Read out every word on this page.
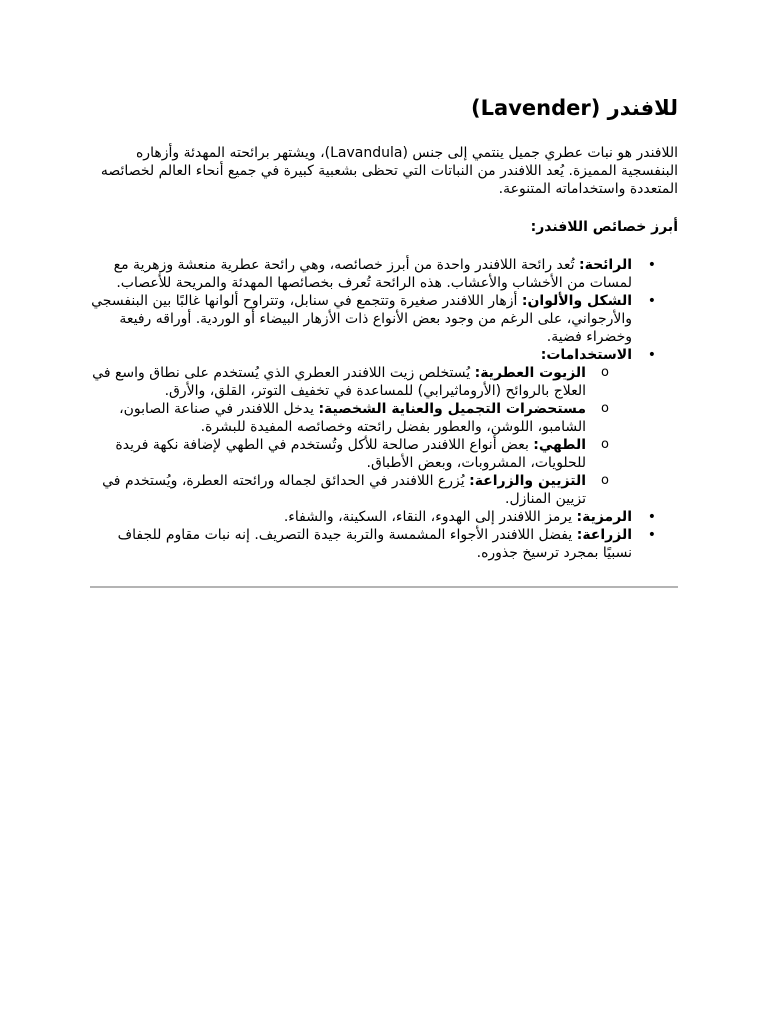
للافندر (Lavender)

اللافندر هو نبات عطري جميل ينتمي إلى جنس (Lavandula)، ويشتهر برائحته المهدئة وأزهاره البنفسجية المميزة. يُعد اللافندر من النباتات التي تحظى بشعبية كبيرة في جميع أنحاء العالم لخصائصه المتعددة واستخداماته المتنوعة.

أبرز خصائص اللافندر:

• الرائحة: تُعد رائحة اللافندر واحدة من أبرز خصائصه، وهي رائحة عطرية منعشة وزهرية مع لمسات من الأخشاب والأعشاب. هذه الرائحة تُعرف بخصائصها المهدئة والمريحة للأعصاب.
• الشكل والألوان: أزهار اللافندر صغيرة وتتجمع في سنابل، وتتراوح ألوانها غالبًا بين البنفسجي والأرجواني، على الرغم من وجود بعض الأنواع ذات الأزهار البيضاء أو الوردية. أوراقه رفيعة وخضراء فضية.
• الاستخدامات:
o الزيوت العطرية: يُستخلص زيت اللافندر العطري الذي يُستخدم على نطاق واسع في العلاج بالروائح (الأروماثيرابي) للمساعدة في تخفيف التوتر، القلق، والأرق.
o مستحضرات التجميل والعناية الشخصية: يدخل اللافندر في صناعة الصابون، الشامبو، اللوشن، والعطور بفضل رائحته وخصائصه المفيدة للبشرة.
o الطهي: بعض أنواع اللافندر صالحة للأكل وتُستخدم في الطهي لإضافة نكهة فريدة للحلويات، المشروبات، وبعض الأطباق.
o التزيين والزراعة: يُزرع اللافندر في الحدائق لجماله ورائحته العطرة، ويُستخدم في تزيين المنازل.
• الرمزية: يرمز اللافندر إلى الهدوء، النقاء، السكينة، والشفاء.
• الزراعة: يفضل اللافندر الأجواء المشمسة والتربة جيدة التصريف. إنه نبات مقاوم للجفاف نسبيًا بمجرد ترسيخ جذوره.
